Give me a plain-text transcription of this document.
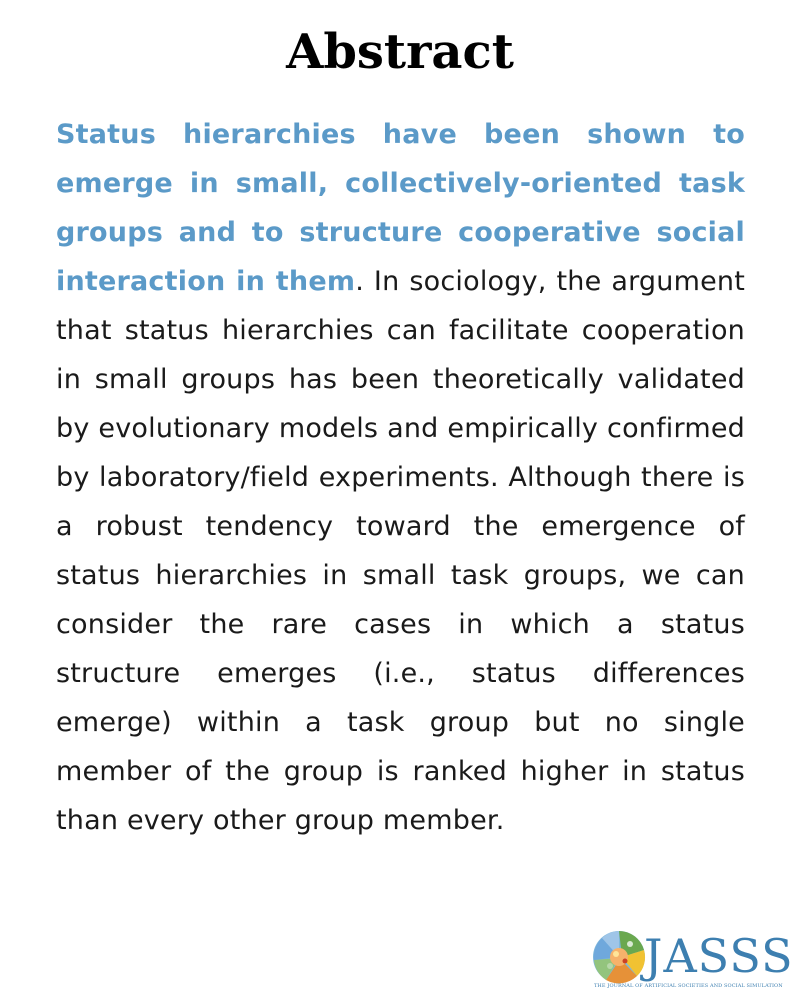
Abstract

Status hierarchies have been shown to emerge in small, collectively-oriented task groups and to structure cooperative social interaction in them. In sociology, the argument that status hierarchies can facilitate cooperation in small groups has been theoretically validated by evolutionary models and empirically confirmed by laboratory/field experiments. Although there is a robust tendency toward the emergence of status hierarchies in small task groups, we can consider the rare cases in which a status structure emerges (i.e., status differences emerge) within a task group but no single member of the group is ranked higher in status than every other group member.

JASSS
THE JOURNAL OF ARTIFICIAL SOCIETIES AND SOCIAL SIMULATION
